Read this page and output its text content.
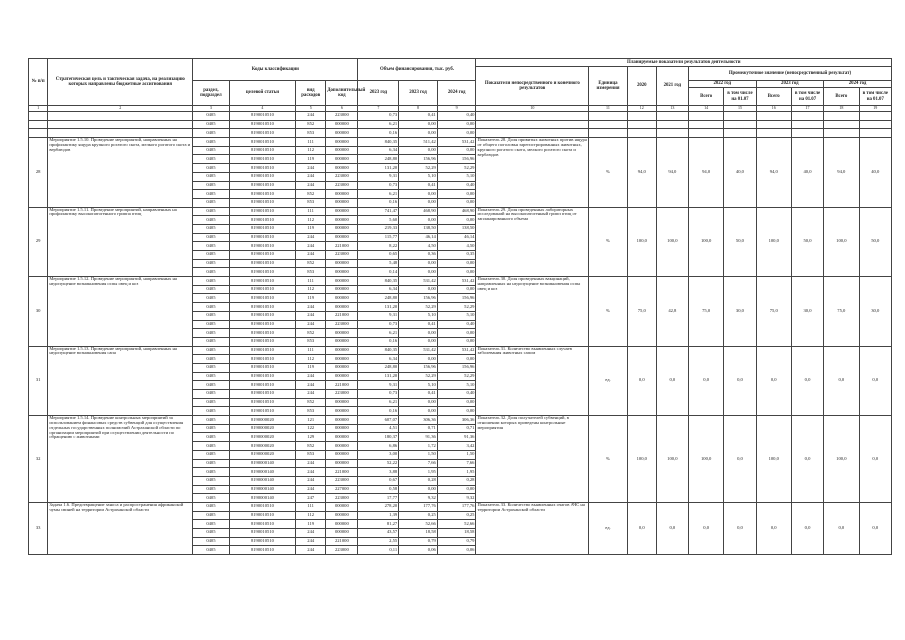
№ п/п	Стратегическая цель и тактическая задача, на реализацию которых направлены бюджетные ассигнования	Коды классификации				Объем финансирования, тыс. руб.			Планируемые показатели результатов деятельности									
									Показатели непосредственного и конечного результатов	Единица измерения	2020	2021 год	Промежуточное значение (непосредственный результат)					
		раздел, подраздел	целевой статьи	вид расходов	Дополнительный код	2023 год	2023 год	2024 год					2022 год		2023 год		2024 год	
													Всего	в том числе на 01.07	Всего	в том числе на 01.07	Всего	в том числе на 01.07
1	2	3	4	5	6	7	8	9	10	11	12	13	14	15	16	17	18	19
		0405	8190010510	244	223000	0,73	0,41	0,40										
		0405	8190010510	852	000000	6,21	0,00	0,00										
		0405	8190010510	853	000000	0,16	0,00	0,00										
28	Мероприятие 1.5.10. Проведение мероприятий, направленных на профилактику ящура крупного рогатого скота, мелкого рогатого скота и верблюдов	0405	8190010510	111	000000	840,35	511,42	531,42	Показатель 28. Доля привитых животных против ящура от общего поголовья зарегистрированных животных, крупного рогатого скота, мелкого рогатого скота и верблюдов	%	94,0	94,0	94,0	40,0	94,0	40,0	94,0	40,0
		0405	8190010510	112	000000	6,34	0,00	0,00										
		0405	8190010510	119	000000	248,80	156,96	156,96										
		0405	8190010510	244	000000	131,20	52,29	52,29										
		0405	8190010510	244	223000	9,31	5,10	5,10										
		0405	8190010510	244	223000	0,73	0,41	0,40										
		0405	8190010510	852	000000	6,21	0,00	0,00										
		0405	8190010510	853	000000	0,16	0,00	0,00										
29	Мероприятие 1.5.11. Проведение мероприятий, направленных на профилактику высокопатогенного гриппа птиц	0405	8190010510	111	000000	741,47	468,90	468,90	Показатель 29. Доля проведенных лабораторных исследований на высокопатогенный грипп птиц от запланированного объема	%	100,0	100,0	100,0	50,0	100,0	50,0	100,0	50,0
		0405	8190010510	112	000000	5,60	0,00	0,00										
		0405	8190010510	119	000000	219,33	138,50	138,50										
		0405	8190010510	244	000000	115,77	46,14	46,14										
		0405	8190010510	244	221000	8,22	4,50	4,50										
		0405	8190010510	244	223000	0,65	0,36	0,35										
		0405	8190010510	852	000000	5,48	0,00	0,00										
		0405	8190010510	853	000000	0,14	0,00	0,00										
30	Мероприятие 1.5.12. Проведение мероприятий, направленных на недопущение возникновения оспы овец и коз	0405	8190010510	111	000000	840,35	531,42	531,42	Показатель 30. Доля проведенных вакцинаций, направленных на недопущение возникновения оспы овец и коз	%	75,0	42,8	75,0	30,0	75,0	30,0	75,0	30,0
		0405	8190010510	112	000000	6,34	0,00	0,00										
		0405	8190010510	119	000000	248,80	156,96	156,96										
		0405	8190010510	244	000000	131,20	52,29	52,29										
		0405	8190010510	244	221000	9,31	5,10	5,10										
		0405	8190010510	244	223000	0,73	0,41	0,40										
		0405	8190010510	852	000000	6,21	0,00	0,00										
		0405	8190010510	853	000000	0,16	0,00	0,00										
31	Мероприятие 1.5.13. Проведение мероприятий, направленных на недопущение возникновения сапа	0405	8190010510	111	000000	840,35	531,42	531,42	Показатель 31. Количество выявленных случаев заболевания животных сапом	ед.	0,0	0,0	0,0	0,0	0,0	0,0	0,0	0,0
		0405	8190010510	112	000000	6,34	0,00	0,00										
		0405	8190010510	119	000000	248,80	156,96	156,96										
		0405	8190010510	244	000000	131,20	52,29	52,29										
		0405	8190010510	244	221000	9,31	5,10	5,10										
		0405	8190010510	244	223000	0,73	0,41	0,40										
		0405	8190010510	852	000000	6,21	0,00	0,00										
		0405	8190010510	853	000000	0,16	0,00	0,00										
32	Мероприятие 1.5.14. Проведение контрольных мероприятий за использованием финансовых средств субвенций для осуществления отдельных государственных полномочий Астраханской области по организации мероприятий при осуществлении деятельности по обращению с животными	0405	8190000020	121	000000	607,07	306,36	306,36	Показатель 32. Доля получателей субвенций, в отношении которых проведены контрольные мероприятия	%	100,0	100,0	100,0	0,0	100,0	0,0	100,0	0,0
		0405	8190000020	122	000000	4,51	0,71	0,71										
		0405	8190000020	129	000000	180,37	91,36	91,36										
		0405	8190000020	852	000000	6,86	1,72	3,42										
		0405	8190000020	853	000000	3,00	1,50	1,50										
		0405	8190000140	244	000000	52,22	7,66	7,66										
		0405	8190000140	244	221000	3,88	1,95	1,95										
		0405	8190000140	244	223000	0,67	0,28	0,28										
		0405	8190000140	244	227000	0,58	0,00	0,00										
		0405	8190000140	247	223000	17,77	9,32	9,32										
33	Задача 1.6. Предотвращение заноса и распространения африканской чумы свиней на территории Астраханской области	0405	8190010510	111	000000	278,20	177,76	177,76	Показатель 33. Количество выявленных очагов АЧС на территории Астраханской области	ед.	0,0	0,0	0,0	0,0	0,0	0,0	0,0	0,0
		0405	8190010510	112	000000	1,39	0,25	0,25										
		0405	8190010510	119	000000	81,27	52,66	52,66										
		0405	8190010510	244	000000	43,57	18,58	18,58										
		0405	8190010510	244	221000	2,55	0,79	0,79										
		0405	8190010510	244	223000	0,11	0,06	0,06										
